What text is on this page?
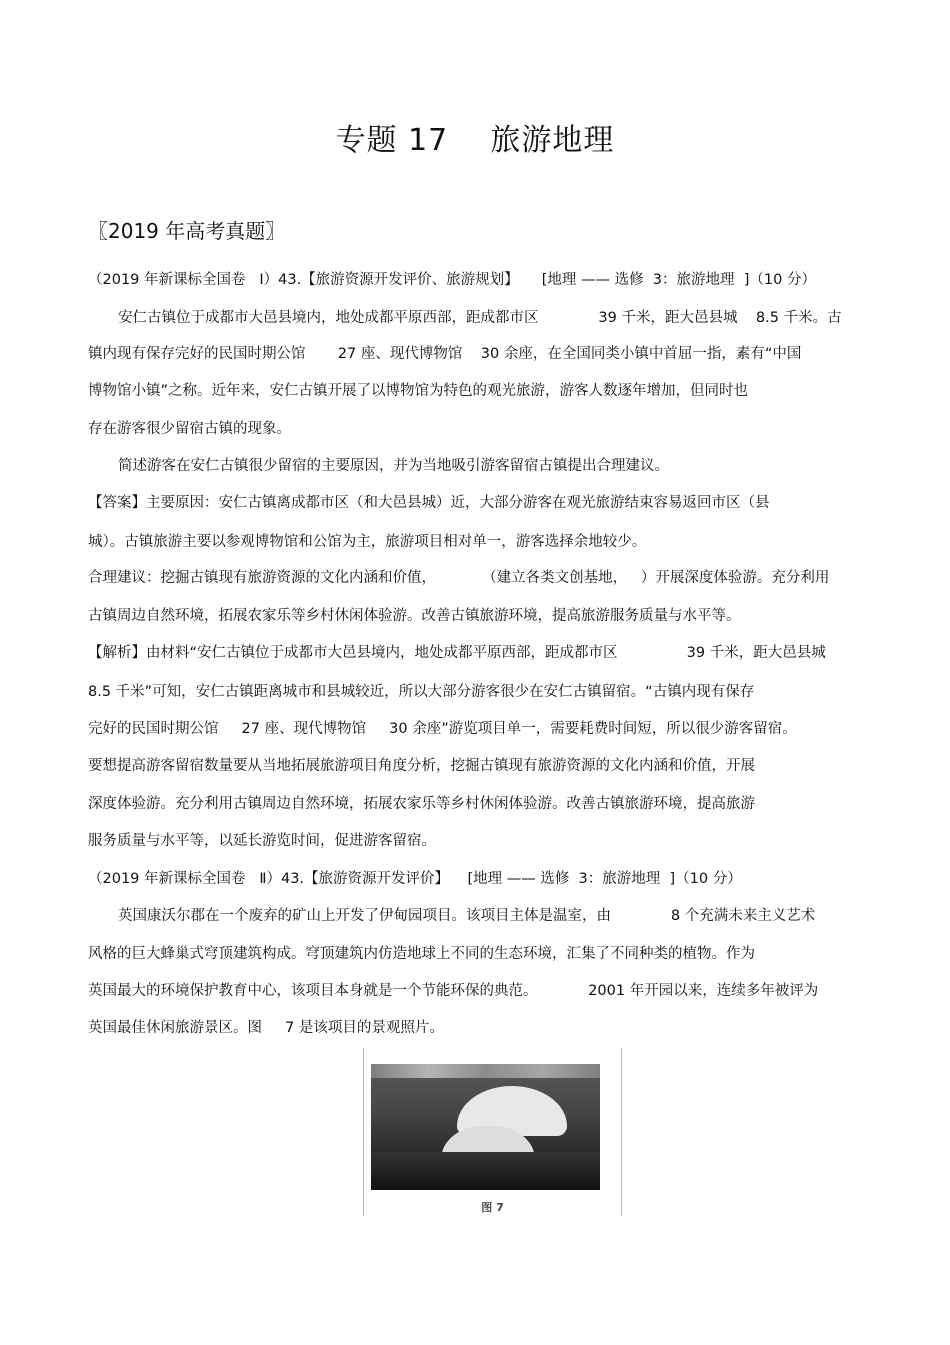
专题 17    旅游地理
〖2019 年高考真题〗
（2019 年新课标全国卷   Ⅰ）43.【旅游资源开发评价、旅游规划】     [地理 —— 选修  3：旅游地理  ]（10 分）
安仁古镇位于成都市大邑县境内，地处成都平原西部，距成都市区             39 千米，距大邑县城    8.5 千米。古
镇内现有保存完好的民国时期公馆       27 座、现代博物馆    30 余座，在全国同类小镇中首屈一指，素有“中国
博物馆小镇”之称。近年来，安仁古镇开展了以博物馆为特色的观光旅游，游客人数逐年增加，但同时也
存在游客很少留宿古镇的现象。
简述游客在安仁古镇很少留宿的主要原因，并为当地吸引游客留宿古镇提出合理建议。
【答案】主要原因：安仁古镇离成都市区（和大邑县城）近，大部分游客在观光旅游结束容易返回市区（县
城）。古镇旅游主要以参观博物馆和公馆为主，旅游项目相对单一，游客选择余地较少。
合理建议：挖掘古镇现有旅游资源的文化内涵和价值，          （建立各类文创基地，   ）开展深度体验游。充分利用
古镇周边自然环境，拓展农家乐等乡村休闲体验游。改善古镇旅游环境，提高旅游服务质量与水平等。
【解析】由材料“安仁古镇位于成都市大邑县境内，地处成都平原西部，距成都市区               39 千米，距大邑县城
8.5 千米”可知，安仁古镇距离城市和县城较近，所以大部分游客很少在安仁古镇留宿。“古镇内现有保存
完好的民国时期公馆     27 座、现代博物馆     30 余座”游览项目单一，需要耗费时间短，所以很少游客留宿。
要想提高游客留宿数量要从当地拓展旅游项目角度分析，挖掘古镇现有旅游资源的文化内涵和价值，开展
深度体验游。充分利用古镇周边自然环境，拓展农家乐等乡村休闲体验游。改善古镇旅游环境，提高旅游
服务质量与水平等，以延长游览时间，促进游客留宿。
（2019 年新课标全国卷   Ⅱ）43.【旅游资源开发评价】    [地理 —— 选修  3：旅游地理  ]（10 分）
英国康沃尔郡在一个废弃的矿山上开发了伊甸园项目。该项目主体是温室，由             8 个充满未来主义艺术
风格的巨大蜂巢式穹顶建筑构成。穹顶建筑内仿造地球上不同的生态环境，汇集了不同种类的植物。作为
英国最大的环境保护教育中心，该项目本身就是一个节能环保的典范。           2001 年开园以来，连续多年被评为
英国最佳休闲旅游景区。图     7 是该项目的景观照片。
图 7
